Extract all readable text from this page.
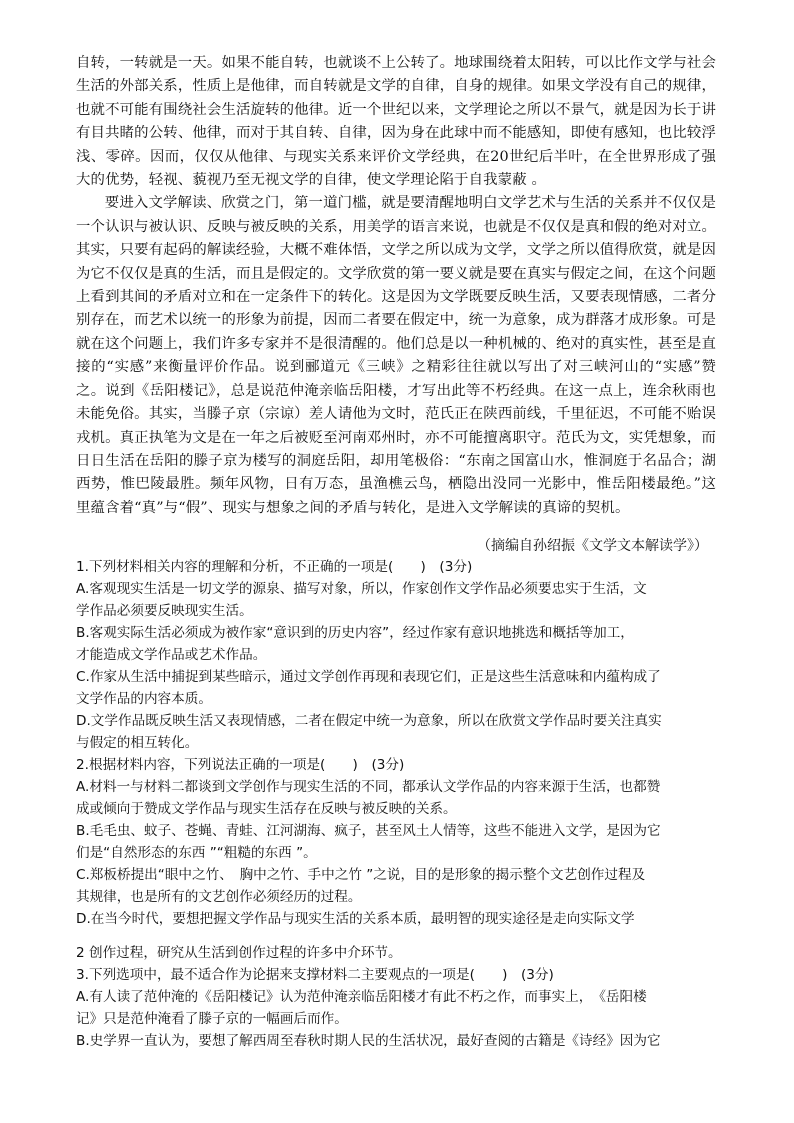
自转，一转就是一天。如果不能自转，也就谈不上公转了。地球围绕着太阳转，可以比作文学与社会生活的外部关系，性质上是他律，而自转就是文学的自律，自身的规律。如果文学没有自己的规律，也就不可能有围绕社会生活旋转的他律。近一个世纪以来，文学理论之所以不景气，就是因为长于讲有目共睹的公转、他律，而对于其自转、自律，因为身在此球中而不能感知，即使有感知，也比较浮浅、零碎。因而，仅仅从他律、与现实关系来评价文学经典，在20世纪后半叶，在全世界形成了强大的优势，轻视、藐视乃至无视文学的自律，使文学理论陷于自我蒙蔽 。

要进入文学解读、欣赏之门，第一道门槛，就是要清醒地明白文学艺术与生活的关系并不仅仅是一个认识与被认识、反映与被反映的关系，用美学的语言来说，也就是不仅仅是真和假的绝对对立。其实，只要有起码的解读经验，大概不难体悟，文学之所以成为文学，文学之所以值得欣赏，就是因为它不仅仅是真的生活，而且是假定的。文学欣赏的第一要义就是要在真实与假定之间，在这个问题上看到其间的矛盾对立和在一定条件下的转化。这是因为文学既要反映生活，又要表现情感，二者分别存在，而艺术以统一的形象为前提，因而二者要在假定中，统一为意象，成为群落才成形象。可是就在这个问题上，我们许多专家并不是很清醒的。他们总是以一种机械的、绝对的真实性，甚至是直接的“实感”来衡量评价作品。说到郦道元《三峡》之精彩往往就以写出了对三峡河山的“实感”赞之。说到《岳阳楼记》，总是说范仲淹亲临岳阳楼，才写出此等不朽经典。在这一点上，连余秋雨也未能免俗。其实，当滕子京（宗谅）差人请他为文时，范氏正在陕西前线，千里征迟，不可能不贻误戎机。真正执笔为文是在一年之后被贬至河南邓州时，亦不可能擅离职守。范氏为文，实凭想象，而日日生活在岳阳的滕子京为楼写的洞庭岳阳，却用笔极俗：“东南之国富山水，惟洞庭于名品合；湖西势，惟巴陵最胜。频年风物，日有万态，虽渔樵云鸟，栖隐出没同一光影中，惟岳阳楼最绝。”这里蕴含着“真”与“假”、现实与想象之间的矛盾与转化，是进入文学解读的真谛的契机。

（摘编自孙绍振《文学文本解读学》）

1.下列材料相关内容的理解和分析，不正确的一项是(　　)　(3分)

A.客观现实生活是一切文学的源泉、描写对象，所以，作家创作文学作品必须要忠实于生活，文
学作品必须要反映现实生活。

B.客观实际生活必须成为被作家“意识到的历史内容”，经过作家有意识地挑选和概括等加工，
才能造成文学作品或艺术作品。

C.作家从生活中捕捉到某些暗示，通过文学创作再现和表现它们，正是这些生活意味和内蕴构成了
文学作品的内容本质。

D.文学作品既反映生活又表现情感，二者在假定中统一为意象，所以在欣赏文学作品时要关注真实
与假定的相互转化。

2.根据材料内容，下列说法正确的一项是(　　)　(3分)

A.材料一与材料二都谈到文学创作与现实生活的不同，都承认文学作品的内容来源于生活，也都赞
成或倾向于赞成文学作品与现实生活存在反映与被反映的关系。

B.毛毛虫、蚊子、苍蝇、青蛙、江河湖海、疯子，甚至风土人情等，这些不能进入文学，是因为它
们是“自然形态的东西 ”“粗糙的东西 ”。

C.郑板桥提出“眼中之竹、　胸中之竹、手中之竹 ”之说，目的是形象的揭示整个文艺创作过程及
其规律，也是所有的文艺创作必须经历的过程。

D.在当今时代，要想把握文学作品与现实生活的关系本质，最明智的现实途径是走向实际文学

2 创作过程，研究从生活到创作过程的许多中介环节。

3.下列选项中，最不适合作为论据来支撑材料二主要观点的一项是(　　)　(3分)

A.有人读了范仲淹的《岳阳楼记》认为范仲淹亲临岳阳楼才有此不朽之作，而事实上，　《岳阳楼
记》只是范仲淹看了滕子京的一幅画后而作。

B.史学界一直认为，要想了解西周至春秋时期人民的生活状况，最好查阅的古籍是《诗经》因为它
